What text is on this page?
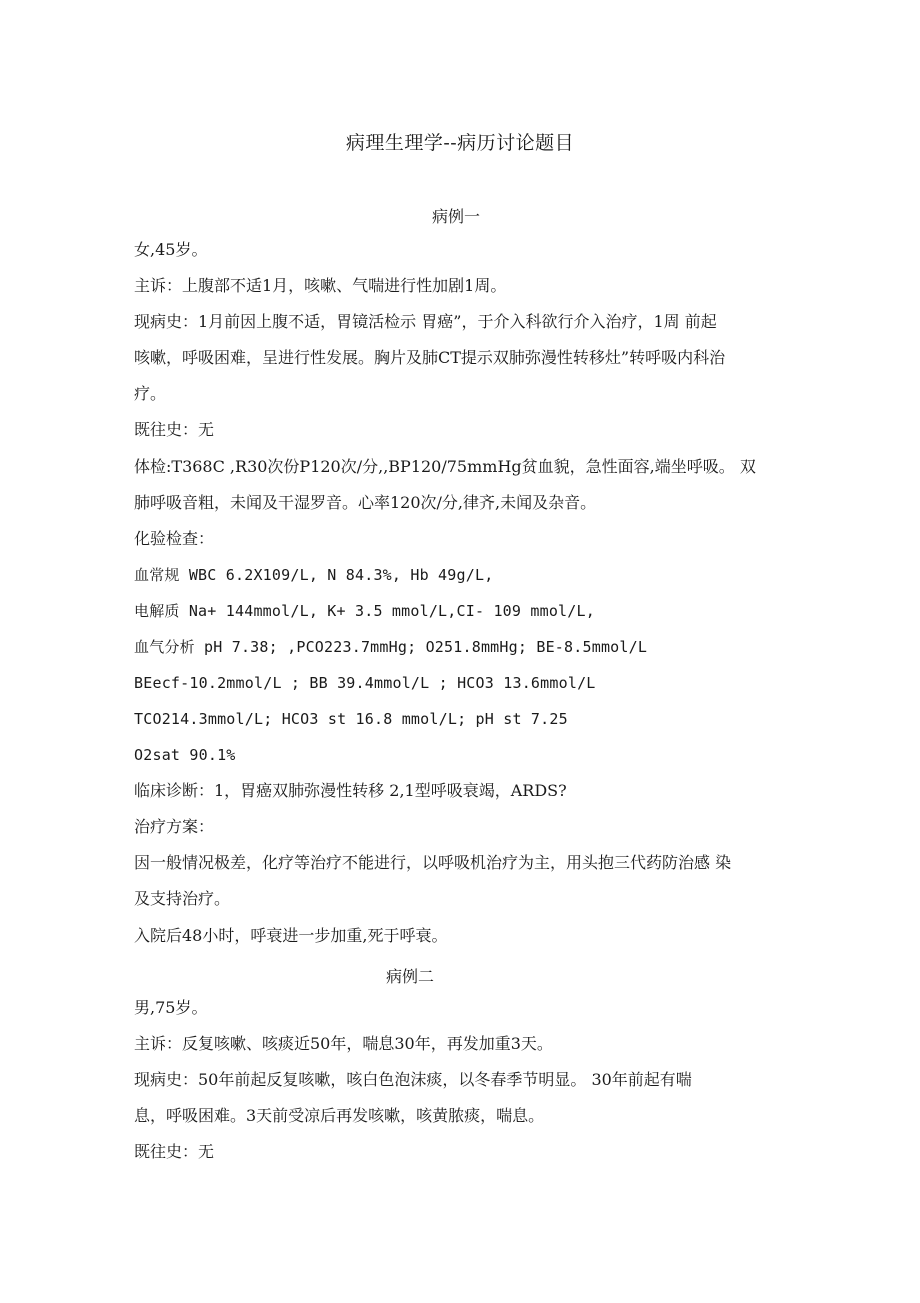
病理生理学--病历讨论题目
病例一
女,45岁。
主诉：上腹部不适1月，咳嗽、气喘进行性加剧1周。
现病史：1月前因上腹不适，胃镜活检示 胃癌”，于介入科欲行介入治疗，1周 前起
咳嗽，呼吸困难，呈进行性发展。胸片及肺CT提示双肺弥漫性转移灶”转呼吸内科治
疗。
既往史：无
体检:T368C ,R30次份P120次/分,,BP120/75mmHg贫血貌，急性面容,端坐呼吸。 双
肺呼吸音粗，未闻及干湿罗音。心率120次/分,律齐,未闻及杂音。
化验检查：
血常规 WBC 6.2X109/L, N 84.3%, Hb 49g/L,
电解质 Na+ 144mmol/L, K+ 3.5 mmol/L,CI- 109 mmol/L,
血气分析 pH 7.38; ,PCO223.7mmHg; O251.8mmHg; BE-8.5mmol/L
BEecf-10.2mmol/L ; BB 39.4mmol/L ; HCO3 13.6mmol/L
TCO214.3mmol/L; HCO3 st 16.8 mmol/L; pH st 7.25
O2sat 90.1%
临床诊断：1，胃癌双肺弥漫性转移 2,1型呼吸衰竭，ARDS?
治疗方案：
因一般情况极差，化疗等治疗不能进行，以呼吸机治疗为主，用头抱三代药防治感 染
及支持治疗。
入院后48小时，呼衰进一步加重,死于呼衰。
病例二
男,75岁。
主诉：反复咳嗽、咳痰近50年，喘息30年，再发加重3天。
现病史：50年前起反复咳嗽，咳白色泡沫痰，以冬春季节明显。 30年前起有喘
息，呼吸困难。3天前受凉后再发咳嗽，咳黄脓痰，喘息。
既往史：无
